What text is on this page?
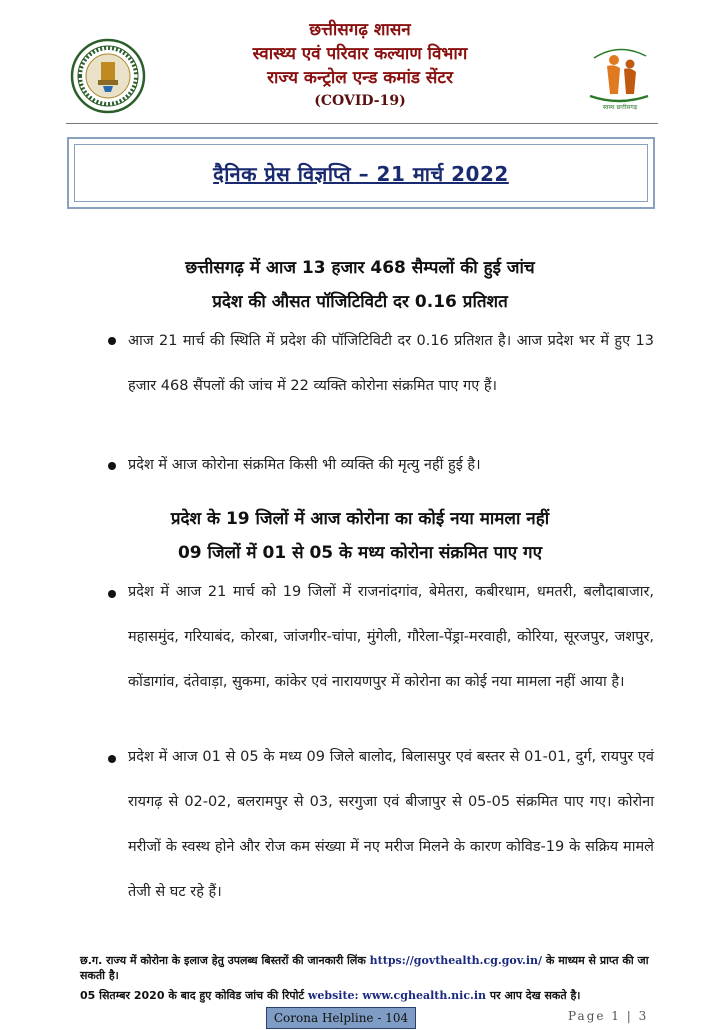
छत्तीसगढ़ शासन
स्वास्थ्य एवं परिवार कल्याण विभाग
राज्य कन्ट्रोल एन्ड कमांड सेंटर
(COVID-19)	स्वस्थ छत्तीसगढ़
दैनिक प्रेस विज्ञप्ति – 21 मार्च 2022
छत्तीसगढ़ में आज 13 हजार 468 सैम्पलों की हुई जांच
प्रदेश की औसत पॉजिटिविटी दर 0.16 प्रतिशत
आज 21 मार्च की स्थिति में प्रदेश की पॉजिटिविटी दर 0.16 प्रतिशत है। आज प्रदेश भर में हुए 13 हजार 468 सैंपलों की जांच में 22 व्यक्ति कोरोना संक्रमित पाए गए हैं।
प्रदेश में आज कोरोना संक्रमित किसी भी व्यक्ति की मृत्यु नहीं हुई है।
प्रदेश के 19 जिलों में आज कोरोना का कोई नया मामला नहीं
09 जिलों में 01 से 05 के मध्य कोरोना संक्रमित पाए गए
प्रदेश में आज 21 मार्च को 19 जिलों में राजनांदगांव, बेमेतरा, कबीरधाम, धमतरी, बलौदाबाजार, महासमुंद, गरियाबंद, कोरबा, जांजगीर-चांपा, मुंगेली, गौरेला-पेंड्रा-मरवाही, कोरिया, सूरजपुर, जशपुर, कोंडागांव, दंतेवाड़ा, सुकमा, कांकेर एवं नारायणपुर में कोरोना का कोई नया मामला नहीं आया है।
प्रदेश में आज 01 से 05 के मध्य 09 जिले बालोद, बिलासपुर एवं बस्तर से 01-01, दुर्ग, रायपुर एवं रायगढ़ से 02-02, बलरामपुर से 03, सरगुजा एवं बीजापुर से 05-05 संक्रमित पाए गए। कोरोना मरीजों के स्वस्थ होने और रोज कम संख्या में नए मरीज मिलने के कारण कोविड-19 के सक्रिय मामले तेजी से घट रहे हैं।
छ.ग. राज्य में कोरोना के इलाज हेतु उपलब्ध बिस्तरों की जानकारी लिंक https://govthealth.cg.gov.in/ के माध्यम से प्राप्त की जा सकती है।
05 सितम्बर 2020 के बाद हुए कोविड जांच की रिपोर्ट website: www.cghealth.nic.in पर आप देख सकते है।
Corona Helpline - 104	Page 1 | 3
